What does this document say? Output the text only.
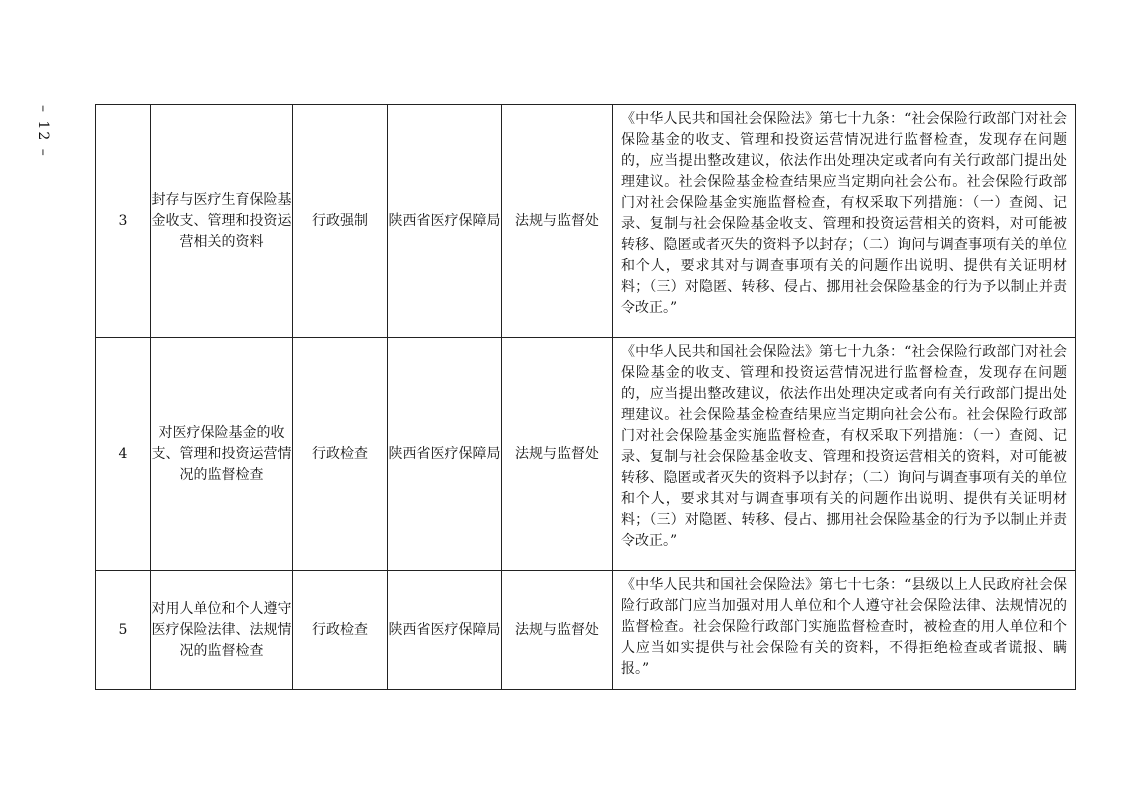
– 12 –
3	封存与医疗生育保险基金收支、管理和投资运营相关的资料	行政强制	陕西省医疗保障局	法规与监督处	《中华人民共和国社会保险法》第七十九条：“社会保险行政部门对社会保险基金的收支、管理和投资运营情况进行监督检查，发现存在问题的，应当提出整改建议，依法作出处理决定或者向有关行政部门提出处理建议。社会保险基金检查结果应当定期向社会公布。社会保险行政部门对社会保险基金实施监督检查，有权采取下列措施：（一）查阅、记录、复制与社会保险基金收支、管理和投资运营相关的资料，对可能被转移、隐匿或者灭失的资料予以封存；（二）询问与调查事项有关的单位和个人，要求其对与调查事项有关的问题作出说明、提供有关证明材料；（三）对隐匿、转移、侵占、挪用社会保险基金的行为予以制止并责令改正。”
4	对医疗保险基金的收支、管理和投资运营情况的监督检查	行政检查	陕西省医疗保障局	法规与监督处	《中华人民共和国社会保险法》第七十九条：“社会保险行政部门对社会保险基金的收支、管理和投资运营情况进行监督检查，发现存在问题的，应当提出整改建议，依法作出处理决定或者向有关行政部门提出处理建议。社会保险基金检查结果应当定期向社会公布。社会保险行政部门对社会保险基金实施监督检查，有权采取下列措施：（一）查阅、记录、复制与社会保险基金收支、管理和投资运营相关的资料，对可能被转移、隐匿或者灭失的资料予以封存；（二）询问与调查事项有关的单位和个人，要求其对与调查事项有关的问题作出说明、提供有关证明材料；（三）对隐匿、转移、侵占、挪用社会保险基金的行为予以制止并责令改正。”
5	对用人单位和个人遵守医疗保险法律、法规情况的监督检查	行政检查	陕西省医疗保障局	法规与监督处	《中华人民共和国社会保险法》第七十七条：“县级以上人民政府社会保险行政部门应当加强对用人单位和个人遵守社会保险法律、法规情况的监督检查。社会保险行政部门实施监督检查时，被检查的用人单位和个人应当如实提供与社会保险有关的资料，不得拒绝检查或者谎报、瞒报。”
